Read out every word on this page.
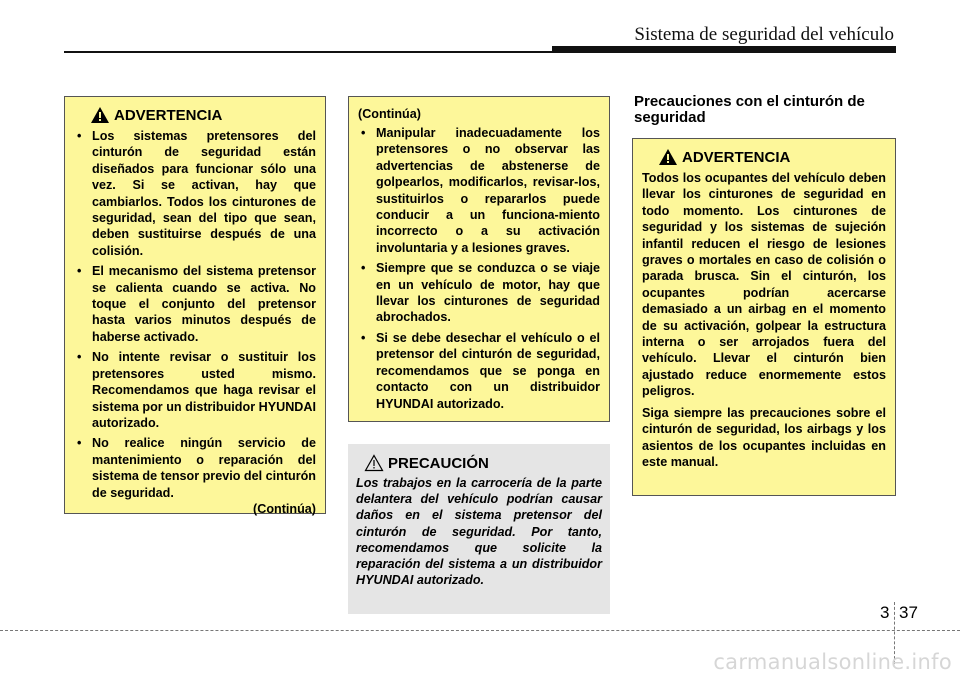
Sistema de seguridad del vehículo
ADVERTENCIA
• Los sistemas pretensores del cinturón de seguridad están diseñados para funcionar sólo una vez. Si se activan, hay que cambiarlos. Todos los cinturones de seguridad, sean del tipo que sean, deben sustituirse después de una colisión.
• El mecanismo del sistema pretensor se calienta cuando se activa. No toque el conjunto del pretensor hasta varios minutos después de haberse activado.
• No intente revisar o sustituir los pretensores usted mismo. Recomendamos que haga revisar el sistema por un distribuidor HYUNDAI autorizado.
• No realice ningún servicio de mantenimiento o reparación del sistema de tensor previo del cinturón de seguridad.
(Continúa)
(Continúa)
• Manipular inadecuadamente los pretensores o no observar las advertencias de abstenerse de golpearlos, modificarlos, revisar-los, sustituirlos o repararlos puede conducir a un funciona-miento incorrecto o a su activación involuntaria y a lesiones graves.
• Siempre que se conduzca o se viaje en un vehículo de motor, hay que llevar los cinturones de seguridad abrochados.
• Si se debe desechar el vehículo o el pretensor del cinturón de seguridad, recomendamos que se ponga en contacto con un distribuidor HYUNDAI autorizado.
PRECAUCIÓN
Los trabajos en la carrocería de la parte delantera del vehículo podrían causar daños en el sistema pretensor del cinturón de seguridad. Por tanto, recomendamos que solicite la reparación del sistema a un distribuidor HYUNDAI autorizado.
Precauciones con el cinturón de seguridad
ADVERTENCIA
Todos los ocupantes del vehículo deben llevar los cinturones de seguridad en todo momento. Los cinturones de seguridad y los sistemas de sujeción infantil reducen el riesgo de lesiones graves o mortales en caso de colisión o parada brusca. Sin el cinturón, los ocupantes podrían acercarse demasiado a un airbag en el momento de su activación, golpear la estructura interna o ser arrojados fuera del vehículo. Llevar el cinturón bien ajustado reduce enormemente estos peligros.
Siga siempre las precauciones sobre el cinturón de seguridad, los airbags y los asientos de los ocupantes incluidas en este manual.
3 37
carmanualsonline.info
